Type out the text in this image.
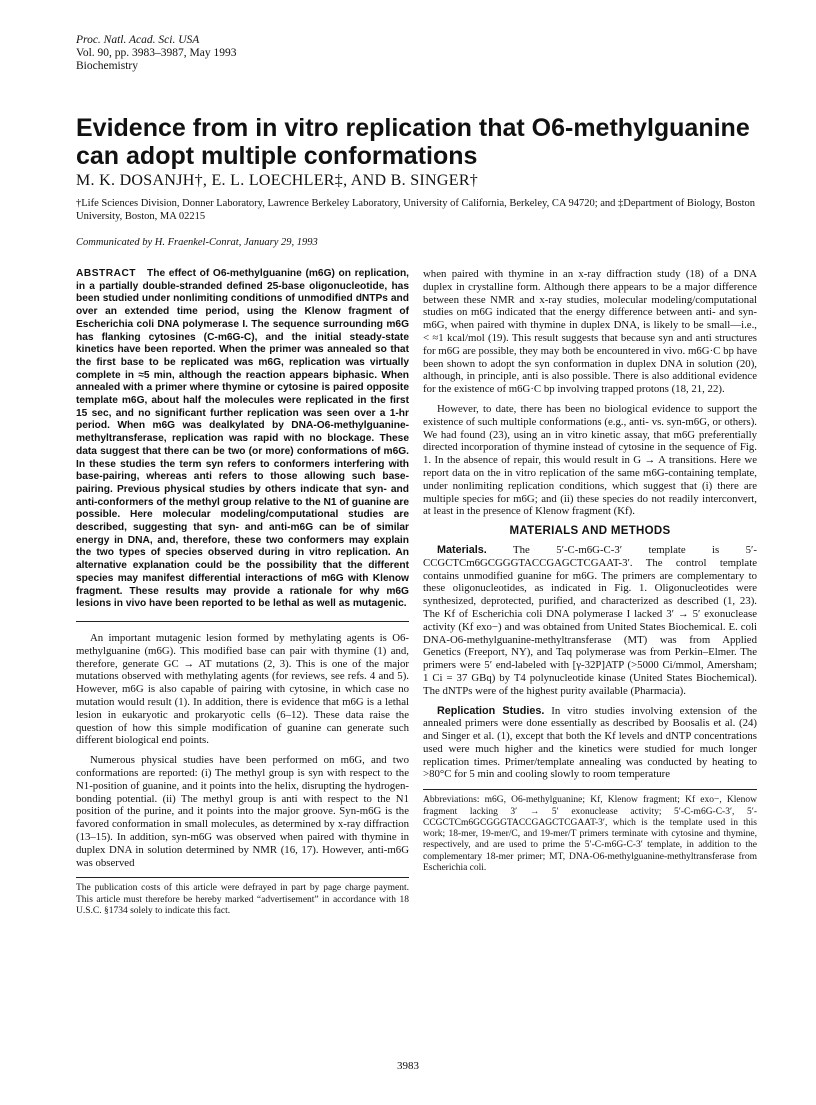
Proc. Natl. Acad. Sci. USA
Vol. 90, pp. 3983–3987, May 1993
Biochemistry
Evidence from in vitro replication that O6-methylguanine can adopt multiple conformations
M. K. DOSANJH†, E. L. LOECHLER‡, AND B. SINGER†
†Life Sciences Division, Donner Laboratory, Lawrence Berkeley Laboratory, University of California, Berkeley, CA 94720; and ‡Department of Biology, Boston University, Boston, MA 02215
Communicated by H. Fraenkel-Conrat, January 29, 1993
ABSTRACT The effect of O6-methylguanine (m6G) on replication, in a partially double-stranded defined 25-base oligonucleotide, has been studied under nonlimiting conditions of unmodified dNTPs and over an extended time period, using the Klenow fragment of Escherichia coli DNA polymerase I. The sequence surrounding m6G has flanking cytosines (C-m6G-C), and the initial steady-state kinetics have been reported. When the primer was annealed so that the first base to be replicated was m6G, replication was virtually complete in ≈5 min, although the reaction appears biphasic. When annealed with a primer where thymine or cytosine is paired opposite template m6G, about half the molecules were replicated in the first 15 sec, and no significant further replication was seen over a 1-hr period. When m6G was dealkylated by DNA-O6-methylguanine-methyltransferase, replication was rapid with no blockage. These data suggest that there can be two (or more) conformations of m6G. In these studies the term syn refers to conformers interfering with base-pairing, whereas anti refers to those allowing such base-pairing. Previous physical studies by others indicate that syn- and anti-conformers of the methyl group relative to the N1 of guanine are possible. Here molecular modeling/computational studies are described, suggesting that syn- and anti-m6G can be of similar energy in DNA, and, therefore, these two conformers may explain the two types of species observed during in vitro replication. An alternative explanation could be the possibility that the different species may manifest differential interactions of m6G with Klenow fragment. These results may provide a rationale for why m6G lesions in vivo have been reported to be lethal as well as mutagenic.

An important mutagenic lesion formed by methylating agents is O6-methylguanine (m6G). This modified base can pair with thymine (1) and, therefore, generate GC → AT mutations (2, 3). This is one of the major mutations observed with methylating agents (for reviews, see refs. 4 and 5). However, m6G is also capable of pairing with cytosine, in which case no mutation would result (1). In addition, there is evidence that m6G is a lethal lesion in eukaryotic and prokaryotic cells (6–12). These data raise the question of how this simple modification of guanine can generate such different biological end points.

Numerous physical studies have been performed on m6G, and two conformations are reported: (i) The methyl group is syn with respect to the N1-position of guanine, and it points into the helix, disrupting the hydrogen-bonding potential. (ii) The methyl group is anti with respect to the N1 position of the purine, and it points into the major groove. Syn-m6G is the favored conformation in small molecules, as determined by x-ray diffraction (13–15). In addition, syn-m6G was observed when paired with thymine in duplex DNA in solution determined by NMR (16, 17). However, anti-m6G was observed

The publication costs of this article were defrayed in part by page charge payment. This article must therefore be hereby marked “advertisement” in accordance with 18 U.S.C. §1734 solely to indicate this fact.

when paired with thymine in an x-ray diffraction study (18) of a DNA duplex in crystalline form. Although there appears to be a major difference between these NMR and x-ray studies, molecular modeling/computational studies on m6G indicated that the energy difference between anti- and syn-m6G, when paired with thymine in duplex DNA, is likely to be small—i.e., < ≈1 kcal/mol (19). This result suggests that because syn and anti structures for m6G are possible, they may both be encountered in vivo. m6G·C bp have been shown to adopt the syn conformation in duplex DNA in solution (20), although, in principle, anti is also possible. There is also additional evidence for the existence of m6G·C bp involving trapped protons (18, 21, 22).

However, to date, there has been no biological evidence to support the existence of such multiple conformations (e.g., anti- vs. syn-m6G, or others). We had found (23), using an in vitro kinetic assay, that m6G preferentially directed incorporation of thymine instead of cytosine in the sequence of Fig. 1. In the absence of repair, this would result in G → A transitions. Here we report data on the in vitro replication of the same m6G-containing template, under nonlimiting replication conditions, which suggest that (i) there are multiple species for m6G; and (ii) these species do not readily interconvert, at least in the presence of Klenow fragment (Kf).

MATERIALS AND METHODS

Materials. The 5′-C-m6G-C-3′ template is 5′-CCGCTCm6GCGGGTACCGAGCTCGAAT-3′. The control template contains unmodified guanine for m6G. The primers are complementary to these oligonucleotides, as indicated in Fig. 1. Oligonucleotides were synthesized, deprotected, purified, and characterized as described (1, 23). The Kf of Escherichia coli DNA polymerase I lacked 3′ → 5′ exonuclease activity (Kf exo−) and was obtained from United States Biochemical. E. coli DNA-O6-methylguanine-methyltransferase (MT) was from Applied Genetics (Freeport, NY), and Taq polymerase was from Perkin–Elmer. The primers were 5′ end-labeled with [γ-32P]ATP (>5000 Ci/mmol, Amersham; 1 Ci = 37 GBq) by T4 polynucleotide kinase (United States Biochemical). The dNTPs were of the highest purity available (Pharmacia).

Replication Studies. In vitro studies involving extension of the annealed primers were done essentially as described by Boosalis et al. (24) and Singer et al. (1), except that both the Kf levels and dNTP concentrations used were much higher and the kinetics were studied for much longer replication times. Primer/template annealing was conducted by heating to >80°C for 5 min and cooling slowly to room temperature

Abbreviations: m6G, O6-methylguanine; Kf, Klenow fragment; Kf exo−, Klenow fragment lacking 3′ → 5′ exonuclease activity; 5′-C-m6G-C-3′, 5′-CCGCTCm6GCGGGTACCGAGCTCGAAT-3′, which is the template used in this work; 18-mer, 19-mer/C, and 19-mer/T primers terminate with cytosine and thymine, respectively, and are used to prime the 5′-C-m6G-C-3′ template, in addition to the complementary 18-mer primer; MT, DNA-O6-methylguanine-methyltransferase from Escherichia coli.
3983
